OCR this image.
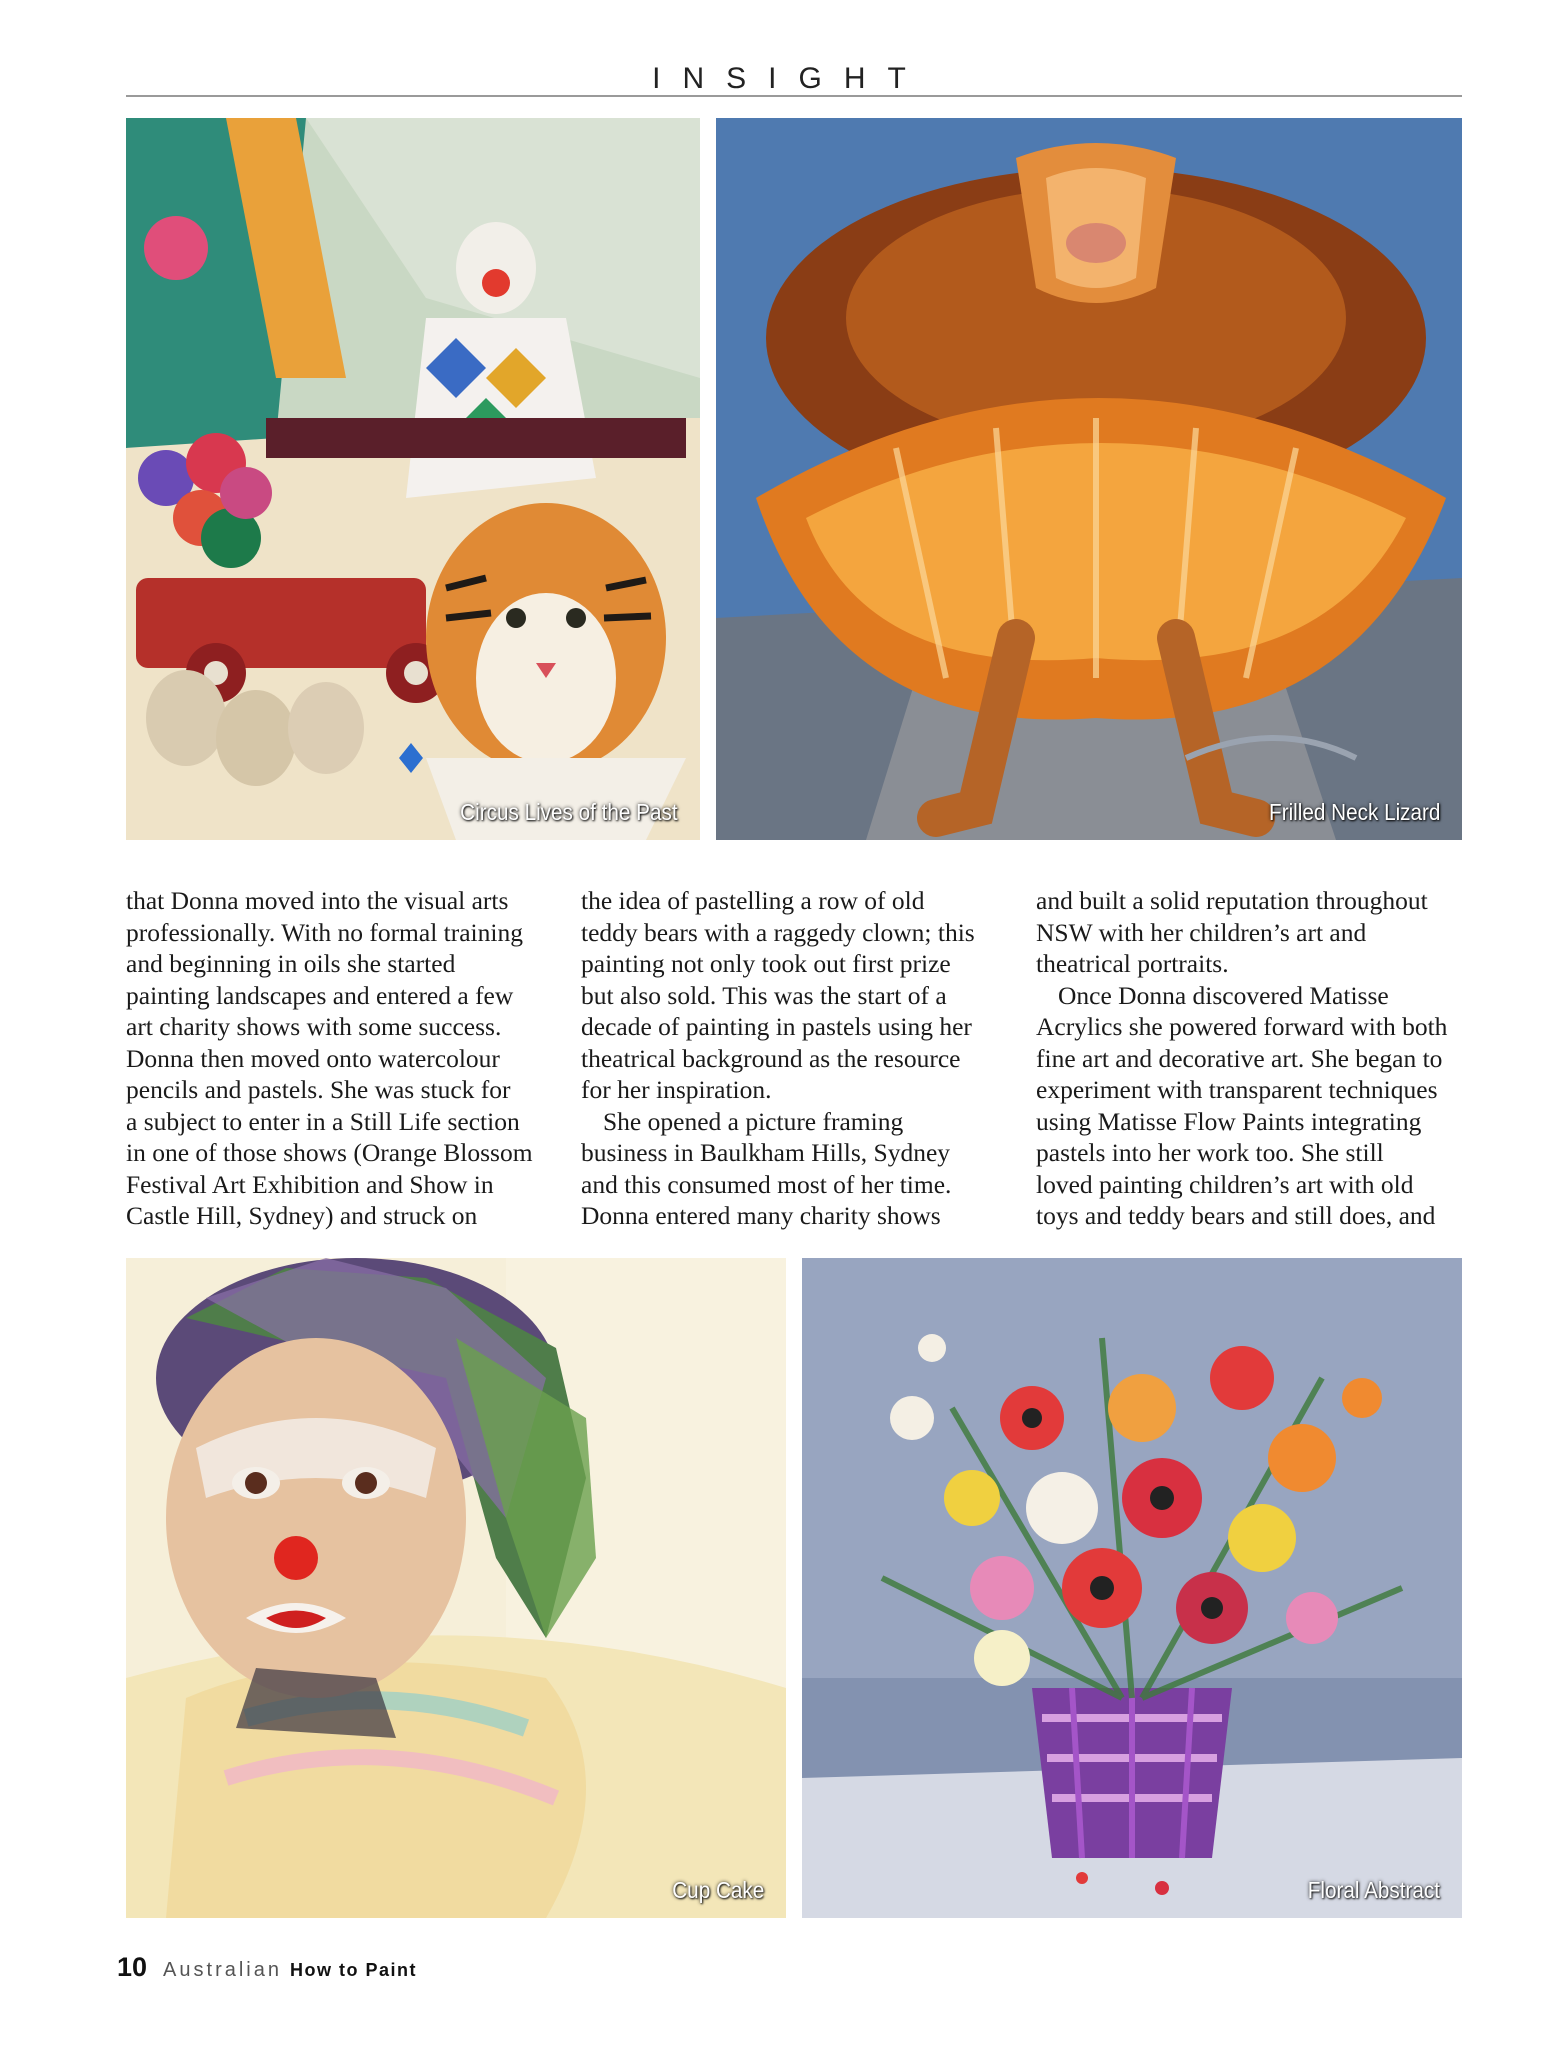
INSIGHT
Circus Lives of the Past	Frilled Neck Lizard

that Donna moved into the visual arts
professionally. With no formal training
and beginning in oils she started
painting landscapes and entered a few
art charity shows with some success.
Donna then moved onto watercolour
pencils and pastels. She was stuck for
a subject to enter in a Still Life section
in one of those shows (Orange Blossom
Festival Art Exhibition and Show in
Castle Hill, Sydney) and struck on

the idea of pastelling a row of old
teddy bears with a raggedy clown; this
painting not only took out first prize
but also sold. This was the start of a
decade of painting in pastels using her
theatrical background as the resource
for her inspiration.

She opened a picture framing
business in Baulkham Hills, Sydney
and this consumed most of her time.
Donna entered many charity shows

and built a solid reputation throughout
NSW with her children’s art and
theatrical portraits.

Once Donna discovered Matisse
Acrylics she powered forward with both
fine art and decorative art. She began to
experiment with transparent techniques
using Matisse Flow Paints integrating
pastels into her work too. She still
loved painting children’s art with old
toys and teddy bears and still does, and

Cup Cake	Floral Abstract
10 Australian How to Paint
